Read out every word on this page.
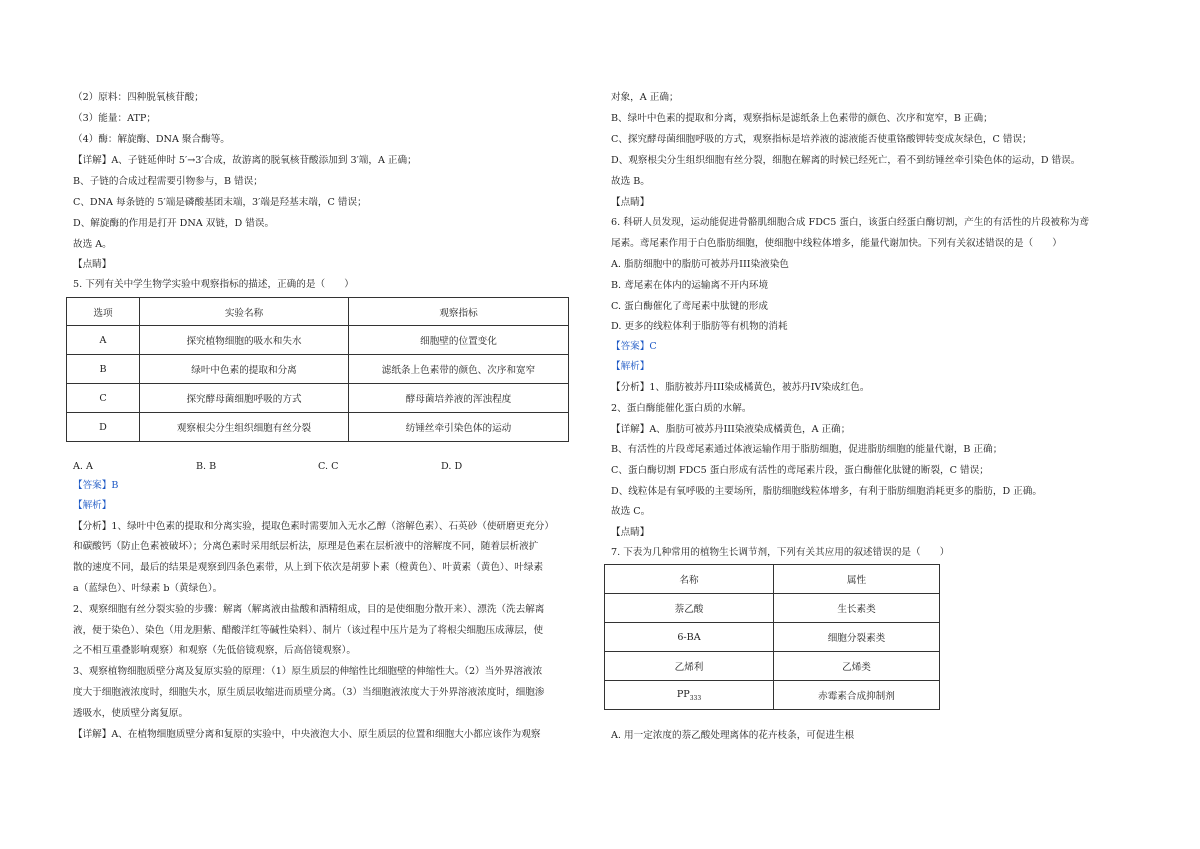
（2）原料：四种脱氧核苷酸；
（3）能量：ATP；
（4）酶：解旋酶、DNA 聚合酶等。
【详解】A、子链延伸时 5′→3′合成，故游离的脱氧核苷酸添加到 3′端，A 正确；
B、子链的合成过程需要引物参与，B 错误；
C、DNA 每条链的 5′端是磷酸基团末端，3′端是羟基末端，C 错误；
D、解旋酶的作用是打开 DNA 双链，D 错误。
故选 A。
【点睛】
5. 下列有关中学生物学实验中观察指标的描述，正确的是（　　）
选项	实验名称	观察指标
A	探究植物细胞的吸水和失水	细胞壁的位置变化
B	绿叶中色素的提取和分离	滤纸条上色素带的颜色、次序和宽窄
C	探究酵母菌细胞呼吸的方式	酵母菌培养液的浑浊程度
D	观察根尖分生组织细胞有丝分裂	纺锤丝牵引染色体的运动
A. A	B. B	C. C	D. D
【答案】B
【解析】
【分析】1、绿叶中色素的提取和分离实验，提取色素时需要加入无水乙醇（溶解色素）、石英砂（使研磨更充分）
和碳酸钙（防止色素被破坏）；分离色素时采用纸层析法，原理是色素在层析液中的溶解度不同，随着层析液扩
散的速度不同，最后的结果是观察到四条色素带，从上到下依次是胡萝卜素（橙黄色）、叶黄素（黄色）、叶绿素
a（蓝绿色）、叶绿素 b（黄绿色）。
2、观察细胞有丝分裂实验的步骤：解离（解离液由盐酸和酒精组成，目的是使细胞分散开来）、漂洗（洗去解离
液，便于染色）、染色（用龙胆紫、醋酸洋红等碱性染料）、制片（该过程中压片是为了将根尖细胞压成薄层，使
之不相互重叠影响观察）和观察（先低倍镜观察，后高倍镜观察）。
3、观察植物细胞质壁分离及复原实验的原理：（1）原生质层的伸缩性比细胞壁的伸缩性大。（2）当外界溶液浓
度大于细胞液浓度时，细胞失水，原生质层收缩进而质壁分离。（3）当细胞液浓度大于外界溶液浓度时，细胞渗
透吸水，使质壁分离复原。
【详解】A、在植物细胞质壁分离和复原的实验中，中央液泡大小、原生质层的位置和细胞大小都应该作为观察
对象，A 正确；
B、绿叶中色素的提取和分离，观察指标是滤纸条上色素带的颜色、次序和宽窄，B 正确；
C、探究酵母菌细胞呼吸的方式，观察指标是培养液的滤液能否使重铬酸钾转变成灰绿色，C 错误；
D、观察根尖分生组织细胞有丝分裂，细胞在解离的时候已经死亡，看不到纺锤丝牵引染色体的运动，D 错误。
故选 B。
【点睛】
6. 科研人员发现，运动能促进骨骼肌细胞合成 FDC5 蛋白，该蛋白经蛋白酶切割，产生的有活性的片段被称为鸢
尾素。鸢尾素作用于白色脂肪细胞，使细胞中线粒体增多，能量代谢加快。下列有关叙述错误的是（　　）
A. 脂肪细胞中的脂肪可被苏丹III染液染色
B. 鸢尾素在体内的运输离不开内环境
C. 蛋白酶催化了鸢尾素中肽键的形成
D. 更多的线粒体利于脂肪等有机物的消耗
【答案】C
【解析】
【分析】1、脂肪被苏丹III染成橘黄色，被苏丹IV染成红色。
2、蛋白酶能催化蛋白质的水解。
【详解】A、脂肪可被苏丹III染液染成橘黄色，A 正确；
B、有活性的片段鸢尾素通过体液运输作用于脂肪细胞，促进脂肪细胞的能量代谢，B 正确；
C、蛋白酶切割 FDC5 蛋白形成有活性的鸢尾素片段，蛋白酶催化肽键的断裂，C 错误；
D、线粒体是有氧呼吸的主要场所，脂肪细胞线粒体增多，有利于脂肪细胞消耗更多的脂肪，D 正确。
故选 C。
【点睛】
7. 下表为几种常用的植物生长调节剂，下列有关其应用的叙述错误的是（　　）
名称	属性
萘乙酸	生长素类
6-BA	细胞分裂素类
乙烯利	乙烯类
$PP_{333}$	赤霉素合成抑制剂
A. 用一定浓度的萘乙酸处理离体的花卉枝条，可促进生根
